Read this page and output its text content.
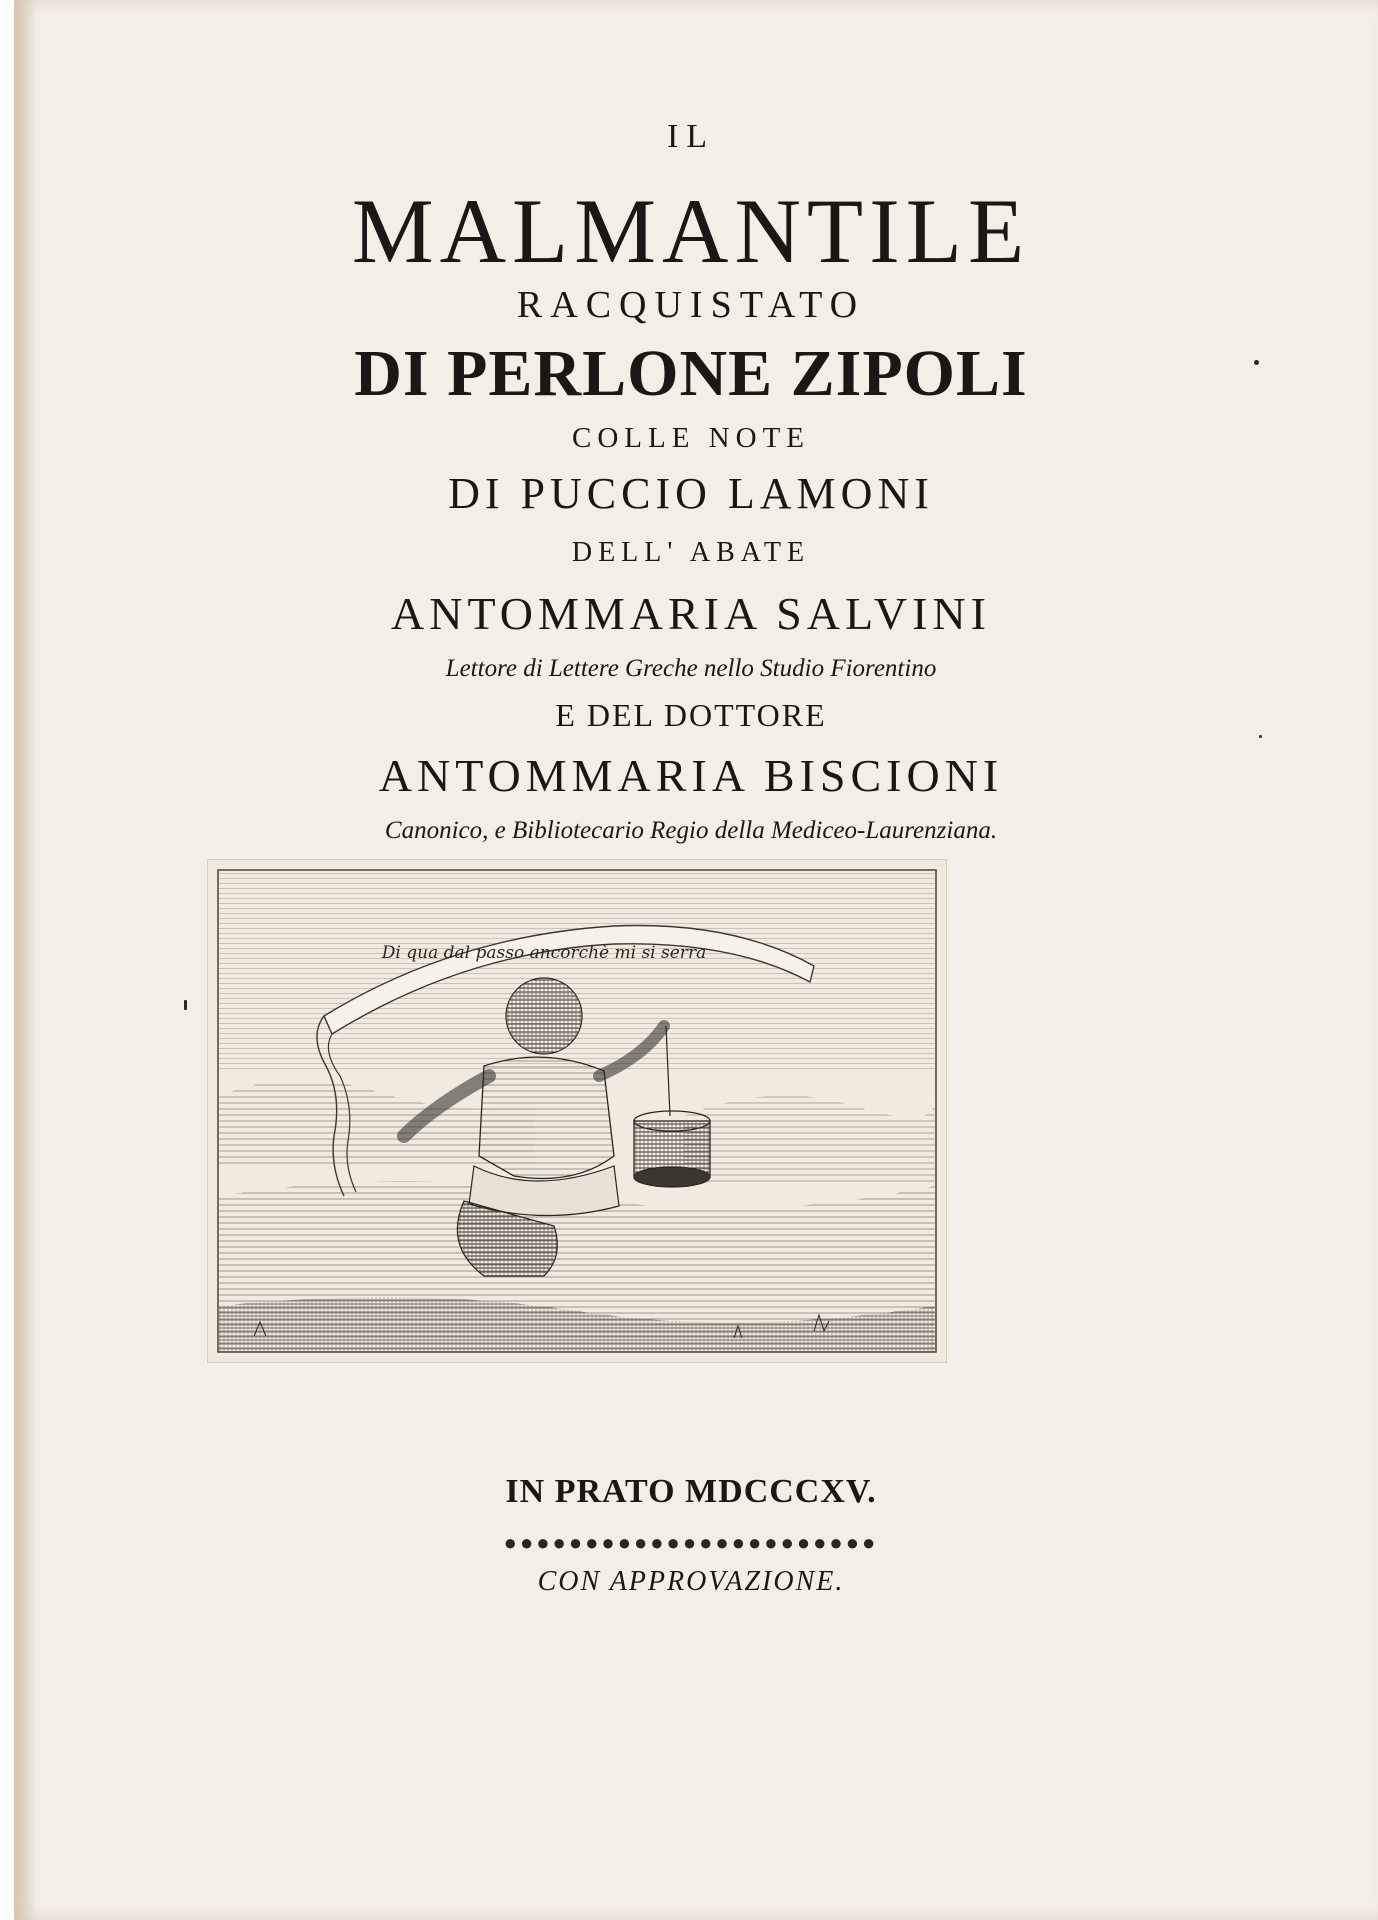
IL
MALMANTILE
RACQUISTATO
DI PERLONE ZIPOLI
COLLE NOTE
DI PUCCIO LAMONI
DELL' ABATE
ANTOMMARIA SALVINI
Lettore di Lettere Greche nello Studio Fiorentino
E DEL DOTTORE
ANTOMMARIA BISCIONI
Canonico, e Bibliotecario Regio della Mediceo-Laurenziana.
Di qua dal passo ancorchè mi si serra
IN PRATO MDCCCXV.
●●●●●●●●●●●●●●●●●●●●●●●
CON APPROVAZIONE.
